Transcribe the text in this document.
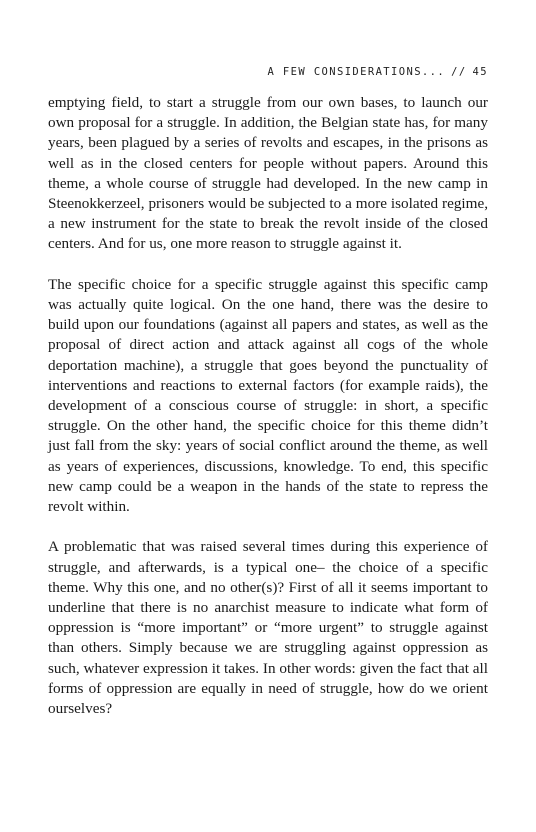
A FEW CONSIDERATIONS... // 45

emptying field, to start a struggle from our own bases, to launch our own proposal for a struggle. In addition, the Belgian state has, for many years, been plagued by a series of revolts and escapes, in the prisons as well as in the closed centers for people without papers. Around this theme, a whole course of struggle had developed. In the new camp in Steenokkerzeel, prisoners would be subjected to a more isolated regime, a new instrument for the state to break the revolt inside of the closed centers. And for us, one more reason to struggle against it.

The specific choice for a specific struggle against this specific camp was actually quite logical. On the one hand, there was the desire to build upon our foundations (against all papers and states, as well as the proposal of direct action and attack against all cogs of the whole deportation machine), a struggle that goes beyond the punctuality of interventions and reactions to external factors (for example raids), the development of a conscious course of struggle: in short, a specific struggle. On the other hand, the specific choice for this theme didn’t just fall from the sky: years of social conflict around the theme, as well as years of experiences, discussions, knowledge. To end, this specific new camp could be a weapon in the hands of the state to repress the revolt within.

A problematic that was raised several times during this experience of struggle, and afterwards, is a typical one– the choice of a specific theme. Why this one, and no other(s)? First of all it seems important to underline that there is no anarchist measure to indicate what form of oppression is “more important” or “more urgent” to struggle against than others. Simply because we are struggling against oppression as such, whatever expression it takes. In other words: given the fact that all forms of oppression are equally in need of struggle, how do we orient ourselves?
